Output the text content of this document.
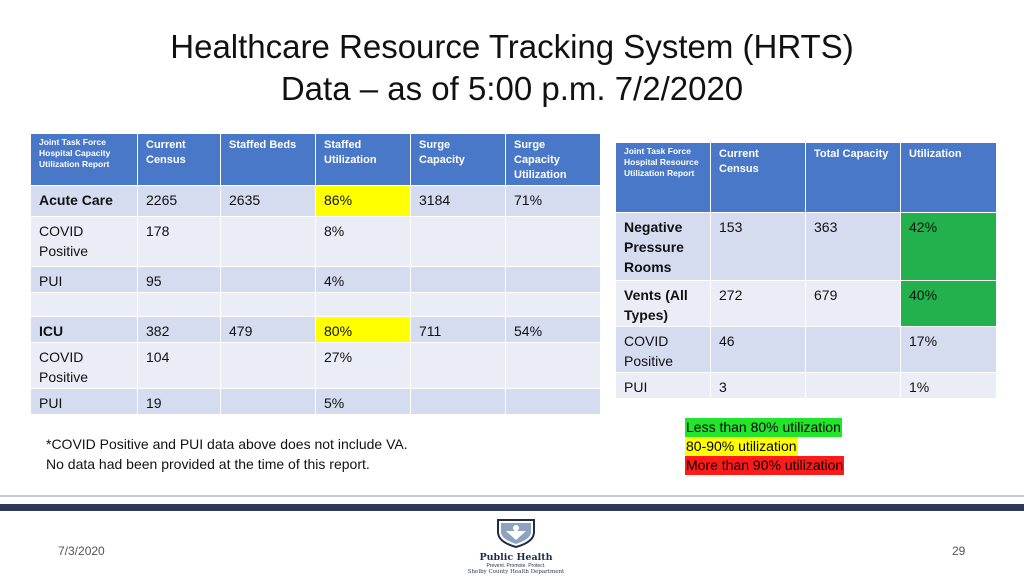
Healthcare Resource Tracking System (HRTS)
Data – as of 5:00 p.m. 7/2/2020
Joint Task Force Hospital Capacity Utilization Report	Current Census	Staffed Beds	Staffed Utilization	Surge Capacity	Surge Capacity Utilization
Acute Care	2265	2635	86%	3184	71%
COVID Positive	178		8%		
PUI	95		4%		

ICU	382	479	80%	711	54%
COVID Positive	104		27%		
PUI	19		5%		
Joint Task Force Hospital Resource Utilization Report	Current Census	Total Capacity	Utilization
Negative Pressure Rooms	153	363	42%
Vents (All Types)	272	679	40%
COVID Positive	46		17%
PUI	3		1%
*COVID Positive and PUI data above does not include VA.
No data had been provided at the time of this report.
Less than 80% utilization
80-90% utilization
More than 90% utilization
7/3/2020	Public Health
Prevent. Promote. Protect.
Shelby County Health Department
29
